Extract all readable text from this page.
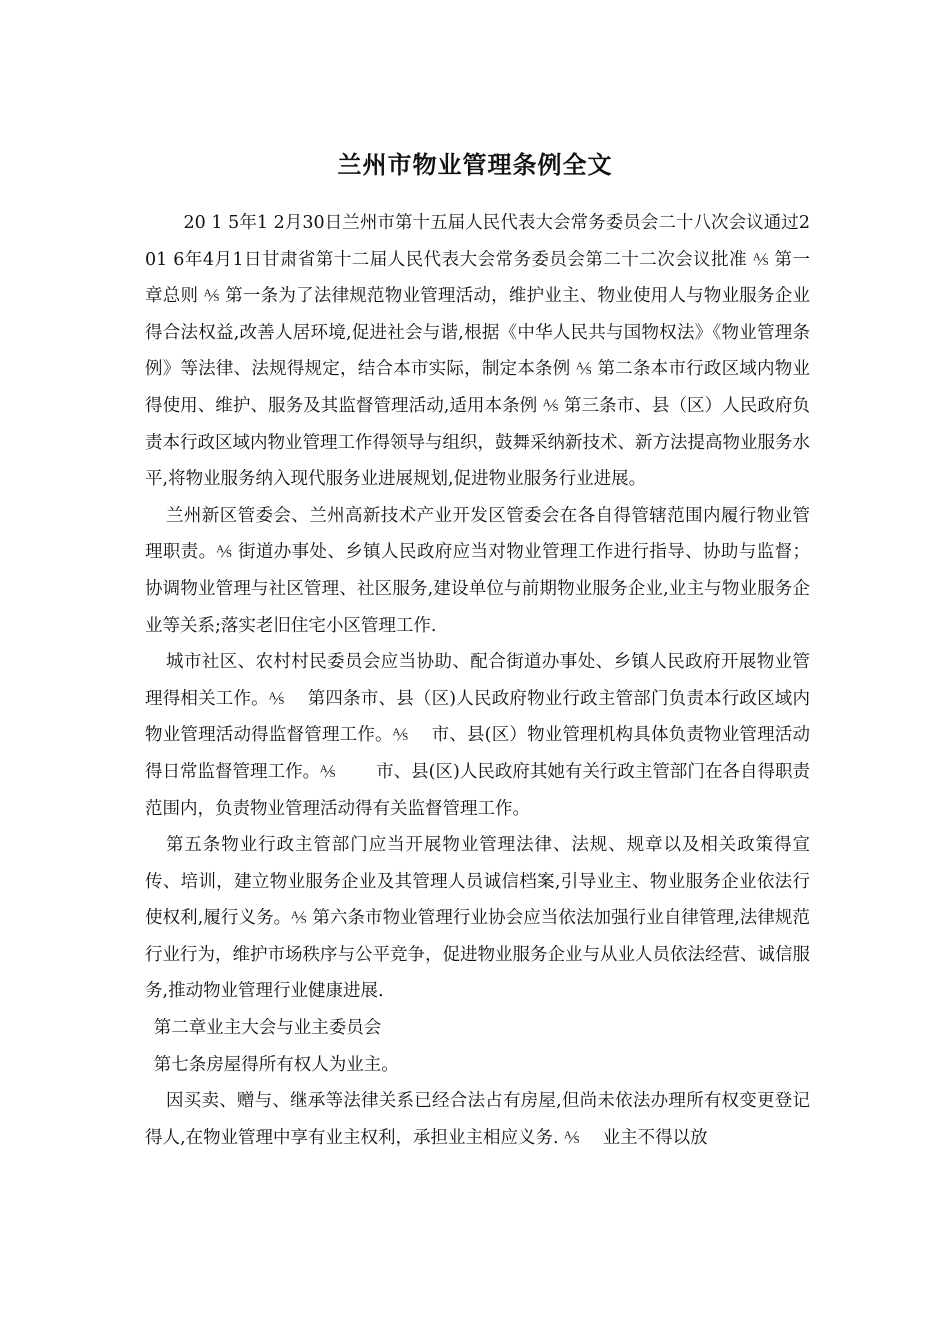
兰州市物业管理条例全文

20 1 5年1 2月30日兰州市第十五届人民代表大会常务委员会二十八次会议通过201 6年4月1日甘肃省第十二届人民代表大会常务委员会第二十二次会议批准 ⅍ 第一章总则 ⅍ 第一条为了法律规范物业管理活动，维护业主、物业使用人与物业服务企业得合法权益,改善人居环境,促进社会与谐,根据《中华人民共与国物权法》《物业管理条例》等法律、法规得规定，结合本市实际，制定本条例 ⅍ 第二条本市行政区域内物业得使用、维护、服务及其监督管理活动,适用本条例 ⅍ 第三条市、县（区）人民政府负责本行政区域内物业管理工作得领导与组织，鼓舞采纳新技术、新方法提高物业服务水平,将物业服务纳入现代服务业进展规划,促进物业服务行业进展。

兰州新区管委会、兰州高新技术产业开发区管委会在各自得管辖范围内履行物业管理职责。⅍ 街道办事处、乡镇人民政府应当对物业管理工作进行指导、协助与监督；协调物业管理与社区管理、社区服务,建设单位与前期物业服务企业,业主与物业服务企业等关系;落实老旧住宅小区管理工作.

城市社区、农村村民委员会应当协助、配合街道办事处、乡镇人民政府开展物业管理得相关工作。⅍ 　第四条市、县（区)人民政府物业行政主管部门负责本行政区域内物业管理活动得监督管理工作。⅍ 　市、县(区）物业管理机构具体负责物业管理活动得日常监督管理工作。⅍ 　　市、县(区)人民政府其她有关行政主管部门在各自得职责范围内，负责物业管理活动得有关监督管理工作。

第五条物业行政主管部门应当开展物业管理法律、法规、规章以及相关政策得宣传、培训，建立物业服务企业及其管理人员诚信档案,引导业主、物业服务企业依法行使权利,履行义务。⅍ 第六条市物业管理行业协会应当依法加强行业自律管理,法律规范行业行为，维护市场秩序与公平竞争，促进物业服务企业与从业人员依法经营、诚信服务,推动物业管理行业健康进展.

第二章业主大会与业主委员会

第七条房屋得所有权人为业主。

因买卖、赠与、继承等法律关系已经合法占有房屋,但尚未依法办理所有权变更登记得人,在物业管理中享有业主权利，承担业主相应义务. ⅍ 　业主不得以放
